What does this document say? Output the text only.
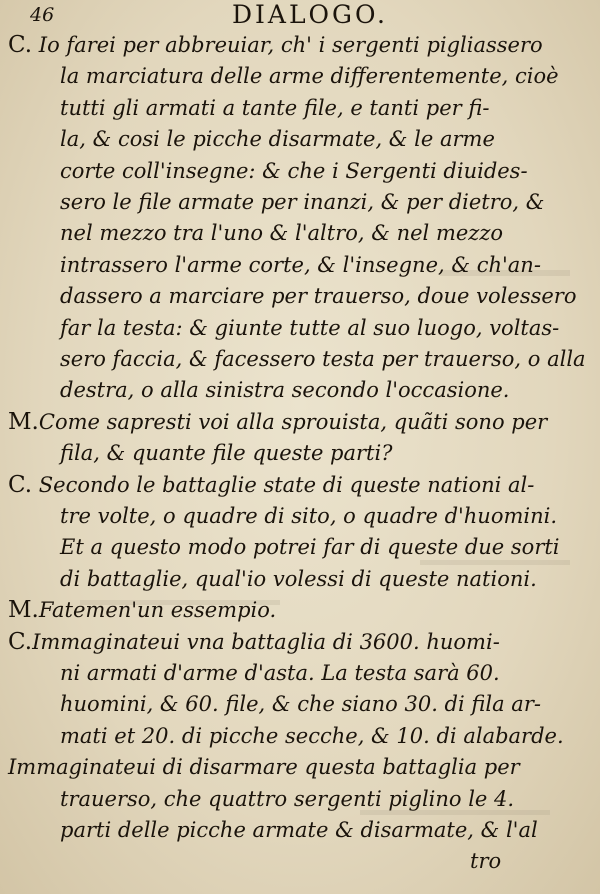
46	DIALOGO.
C. Io farei per abbreuiar, ch' i sergenti pigliassero
la marciatura delle arme differentemente, cioè
tutti gli armati a tante file, e tanti per fi-
la, & cosi le picche disarmate, & le arme
corte coll'insegne: & che i Sergenti diuides-
sero le file armate per inanzi, & per dietro, &
nel mezzo tra l'uno & l'altro, & nel mezzo
intrassero l'arme corte, & l'insegne, & ch'an-
dassero a marciare per trauerso, doue volessero
far la testa: & giunte tutte al suo luogo, voltas-
sero faccia, & facessero testa per trauerso, o alla
destra, o alla sinistra secondo l'occasione.
M.Come sapresti voi alla sprouista, quãti sono per
fila, & quante file queste parti?
C. Secondo le battaglie state di queste nationi al-
tre volte, o quadre di sito, o quadre d'huomini.
Et a questo modo potrei far di queste due sorti
di battaglie, qual'io volessi di queste nationi.
M.Fatemen'un essempio.
C.Immaginateui vna battaglia di 3600. huomi-
ni armati d'arme d'asta. La testa sarà 60.
huomini, & 60. file, & che siano 30. di fila ar-
mati et 20. di picche secche, & 10. di alabarde.
Immaginateui di disarmare questa battaglia per
trauerso, che quattro sergenti piglino le 4.
parti delle picche armate & disarmate, & l'al
tro
